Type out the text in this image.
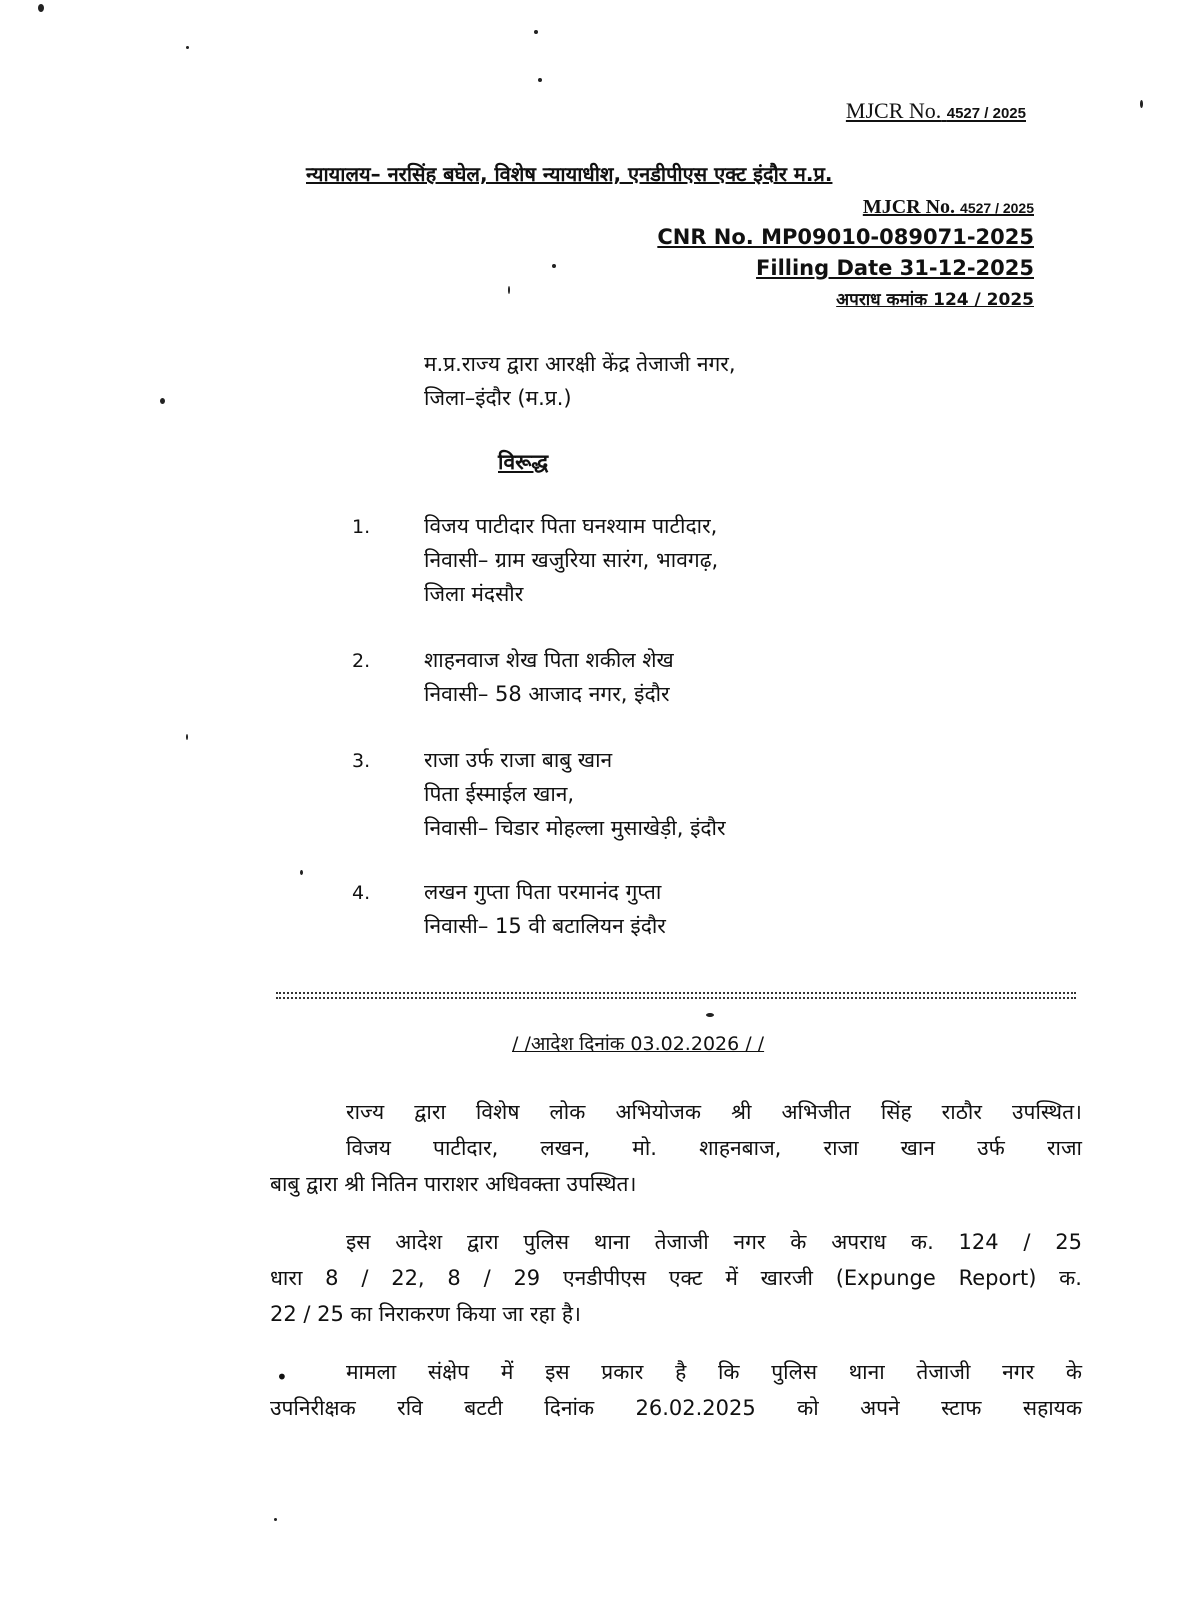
MJCR No. 4527 / 2025
न्यायालय– नरसिंह बघेल, विशेष न्यायाधीश, एनडीपीएस एक्ट इंदौर म.प्र.
MJCR No. 4527 / 2025
CNR No. MP09010-089071-2025
Filling Date 31-12-2025
अपराध कमांक 124 / 2025
म.प्र.राज्य द्वारा आरक्षी केंद्र तेजाजी नगर,
जिला–इंदौर (म.प्र.)
विरूद्ध
1.	विजय पाटीदार पिता घनश्याम पाटीदार,
निवासी– ग्राम खजुरिया सारंग, भावगढ़,
जिला मंदसौर
2.	शाहनवाज शेख पिता शकील शेख
निवासी– 58 आजाद नगर, इंदौर
3.	राजा उर्फ राजा बाबु खान
पिता ईस्माईल खान,
निवासी– चिडार मोहल्ला मुसाखेड़ी, इंदौर
4.	लखन गुप्ता पिता परमानंद गुप्ता
निवासी– 15 वी बटालियन इंदौर
/ /आदेश दिनांक 03.02.2026 / /
राज्य द्वारा विशेष लोक अभियोजक श्री अभिजीत सिंह राठौर उपस्थित।
विजय पाटीदार, लखन, मो. शाहनबाज, राजा खान उर्फ राजा
बाबु द्वारा श्री नितिन पाराशर अधिवक्ता उपस्थित।
इस आदेश द्वारा पुलिस थाना तेजाजी नगर के अपराध क. 124 / 25
धारा 8 / 22, 8 / 29 एनडीपीएस एक्ट में खारजी (Expunge Report) क.
22 / 25 का निराकरण किया जा रहा है।
•	मामला संक्षेप में इस प्रकार है कि पुलिस थाना तेजाजी नगर के
उपनिरीक्षक रवि बटटी दिनांक 26.02.2025 को अपने स्टाफ सहायक
